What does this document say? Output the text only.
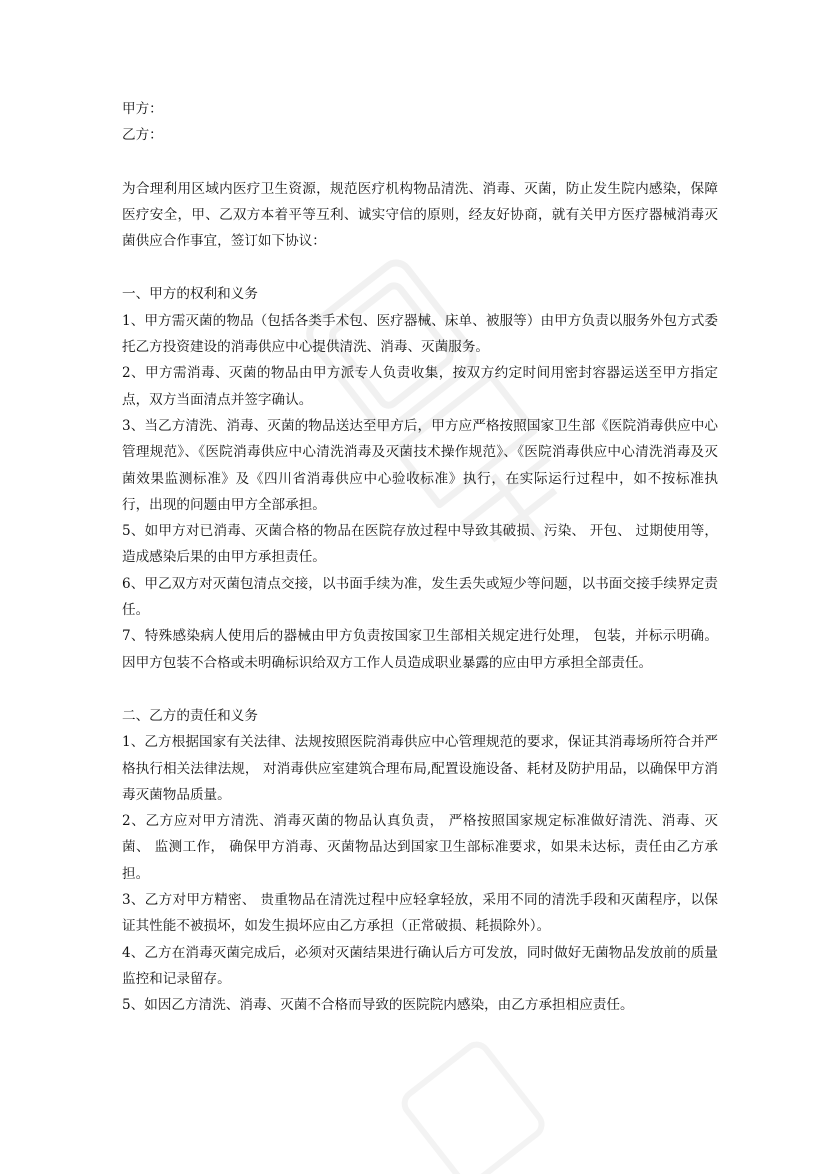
甲方：

乙方：

为合理利用区域内医疗卫生资源，规范医疗机构物品清洗、消毒、灭菌，防止发生院内感染，保障医疗安全，甲、乙双方本着平等互利、诚实守信的原则，经友好协商，就有关甲方医疗器械消毒灭菌供应合作事宜，签订如下协议：

一、甲方的权利和义务

1、甲方需灭菌的物品（包括各类手术包、医疗器械、床单、被服等）由甲方负责以服务外包方式委托乙方投资建设的消毒供应中心提供清洗、消毒、灭菌服务。

2、甲方需消毒、灭菌的物品由甲方派专人负责收集，按双方约定时间用密封容器运送至甲方指定点，双方当面清点并签字确认。

3、当乙方清洗、消毒、灭菌的物品送达至甲方后，甲方应严格按照国家卫生部《医院消毒供应中心管理规范》、《医院消毒供应中心清洗消毒及灭菌技术操作规范》、《医院消毒供应中心清洗消毒及灭菌效果监测标准》及《四川省消毒供应中心验收标准》执行，在实际运行过程中，如不按标准执行，出现的问题由甲方全部承担。

5、如甲方对已消毒、灭菌合格的物品在医院存放过程中导致其破损、污染、 开包、 过期使用等，造成感染后果的由甲方承担责任。

6、甲乙双方对灭菌包清点交接，以书面手续为准，发生丢失或短少等问题，以书面交接手续界定责任。

7、特殊感染病人使用后的器械由甲方负责按国家卫生部相关规定进行处理， 包装，并标示明确。因甲方包装不合格或未明确标识给双方工作人员造成职业暴露的应由甲方承担全部责任。

二、乙方的责任和义务

1、乙方根据国家有关法律、法规按照医院消毒供应中心管理规范的要求，保证其消毒场所符合并严格执行相关法律法规， 对消毒供应室建筑合理布局,配置设施设备、耗材及防护用品，以确保甲方消毒灭菌物品质量。

2、乙方应对甲方清洗、消毒灭菌的物品认真负责， 严格按照国家规定标准做好清洗、消毒、灭菌、 监测工作， 确保甲方消毒、灭菌物品达到国家卫生部标准要求，如果未达标，责任由乙方承担。

3、乙方对甲方精密、 贵重物品在清洗过程中应轻拿轻放，采用不同的清洗手段和灭菌程序，以保证其性能不被损坏，如发生损坏应由乙方承担（正常破损、耗损除外）。

4、乙方在消毒灭菌完成后，必须对灭菌结果进行确认后方可发放，同时做好无菌物品发放前的质量监控和记录留存。

5、如因乙方清洗、消毒、灭菌不合格而导致的医院院内感染，由乙方承担相应责任。
